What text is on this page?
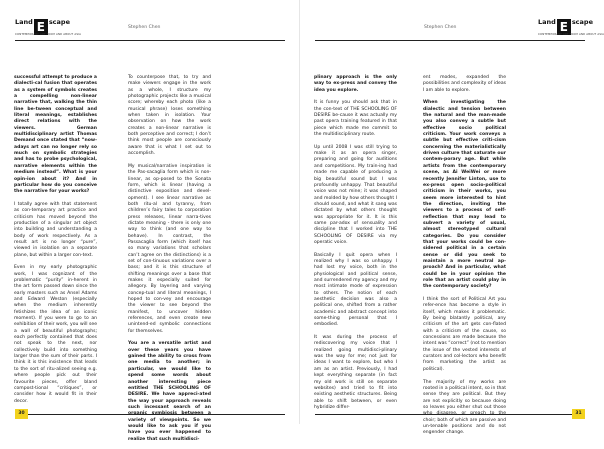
Land E scape
CONTEMPORARY ART FROM AND ABOUT ASIA
Stephen Chen

successful attempt to produce a dialecti-cal fusion that operates as a system of symbols creates a compelling non-linear narrative that, walking the thin line be-tween conceptual and literal meanings, establishes direct relations with the viewers. German multidisciplinary artist Thomas Demand once stated that “now-adays art can no longer rely so much on symbolic strategies and has to probe psychological, narrative elements within the medium instead”. What is your opin-ion about it? And in particular how do you conceive the narrative for your works?

I totally agree with that statement as con-temporary art practice and criticism has moved beyond the production of a singular art object into building and understanding a body of work respectively. As a result art is no longer “pure”, viewed in isolation on a separate plane, but within a larger con-text.

Even in my early photographic work, I was cognizant of the problematic “purity” in-herent in the art form passed down since the early masters such as Ansel Adams and Edward Weston (especially when the medium inherently fetishizes the idea of an iconic moment). If you were to go to an exhibition of their work, you will see a wall of beautiful photographs; each perfectly contained that does not speak to the next, nor collectively build into something larger than the sum of their parts. I think it is this insistence that leads to the sort of ritu-alized seeing e.g. where people pick out their favourite pieces, offer bland compost-tional “critiques”, or consider how it would fit in their decor.

To counterpose that, to try and make viewers engage in the work as a whole, I structure my photographic projects like a musical score; whereby each photo (like a musical phrase) loses something when taken in isolation. Your observation on how the work creates a non-linear narrative is both perceptive and correct; I don’t think most people are consciously aware that is what I set out to accomplish.

My musical/narrative inspiration is the Pas-sacaglia form which is non-linear, as op-posed to the Sonata form, which is linear (having a distinctive exposition and devel-opment). I see linear narrative as both ritu-al and tyranny, from children’s fairy tales to corporation press releases, linear narra-tives dictate meaning - there is only one way to think (and one way to behave). In contrast, the Passacaglia form (which itself has so many variations that scholars can’t agree on the distinctions) is a set of con-tinuous variations over a bass; and it is this structure of shifting meanings over a base that makes it especially suited for allegory. By layering and varying concep-tual and literal meanings, I hoped to con-vey and encourage the viewer to see beyond the manifest, to uncover hidden references, and even create new unintend-ed symbolic connections for themselves.

You are a versatile artist and over these years you have gained the ability to cross from one media to another; in particular, we would like to spend some words about another interesting piece entitled THE SCHOOLING OF DESIRE. We have appreci-ated the way your approach reveals such incessant search of an variety of viewpoints. So we would like to ask you if you have you ever happened to realize that such multidisci-

30
Stephen Chen
Land E scape
CONTEMPORARY ART FROM AND ABOUT ASIA

plinary approach is the only way to ex-press and convey the idea you explore.

It is funny you should ask that in the con-text of THE SCHOOLING OF DESIRE be-cause it was actually my past opera training featured in that piece which made me commit to the multidisciplinary route.

Up until 2008 I was still trying to make it as an opera singer, preparing and going for auditions and competitions. My train-ing had made me capable of producing a big beautiful sound but I was profoundly unhappy. That beautiful voice was not mine; it was shaped and molded by how others thought I should sound, and what it sang was dictated by what others thought was appropriate for it. It is this same par-adox of sensuality and discipline that I worked into THE SCHOOLING OF DESIRE via my operatic voice.

Basically I quit opera when I realized why I was so unhappy. I had lost my voice, both in the physiological and political sense, and surrendered my agency and my most intimate mode of expression to others. The notion of each aesthetic decision was also a political one, shifted from a rather academic and abstract concept into some-thing personal that I embodied.

It was during the process of rediscovering my voice that I realized going multidisci-plinary was the way for me; not just for ideas I want to explore, but who I am as an artist. Previously, I had kept everything separate (in fact my old work is still on separate websites) and tried to fit into existing aesthetic structures. Being able to shift between, or even hybridize differ-

ent modes, expanded the possibilities and complexity of ideas I am able to explore.

When investigating the dialectic and tension between the natural and the man-made you also convey a subtle but effective socio political criticism. Your work conveys a subtle but effective criti-cism concerning the materialistically driven culture that saturate our contem-porary age. But while artists from the contemporary scene, as Ai WeiWei or more recently Jennifer Linton, use to ex-press open socio-political criticism in their works, you seem more interested to hint the direction, inviting the viewers to a process of self-reflection that may lead to subvert a variety of usual, almost stereotyped cultural categories. Do you consider that your works could be con-sidered political in a certain sense or did you seek to maintain a more neutral ap-proach? And in particular, what could be in your opinion the role that an artist could play in the contemporary society?

I think the sort of Political Art you refer-ence has become a style in itself, which makes it problematic. By being blatantly political, any criticism of the art gets con-flated with a criticism of the cause, so concessions are made because the intent was “correct” (not to mention the issue of the vested interests of curators and col-lectors who benefit from marketing the artist as political).

The majority of my works are rooted in a political intent, so in that sense they are political. But they are not explicitly so because doing so leaves you either shut out those choir; both of which are passive and un-tenable positions and do not engender change.

31
